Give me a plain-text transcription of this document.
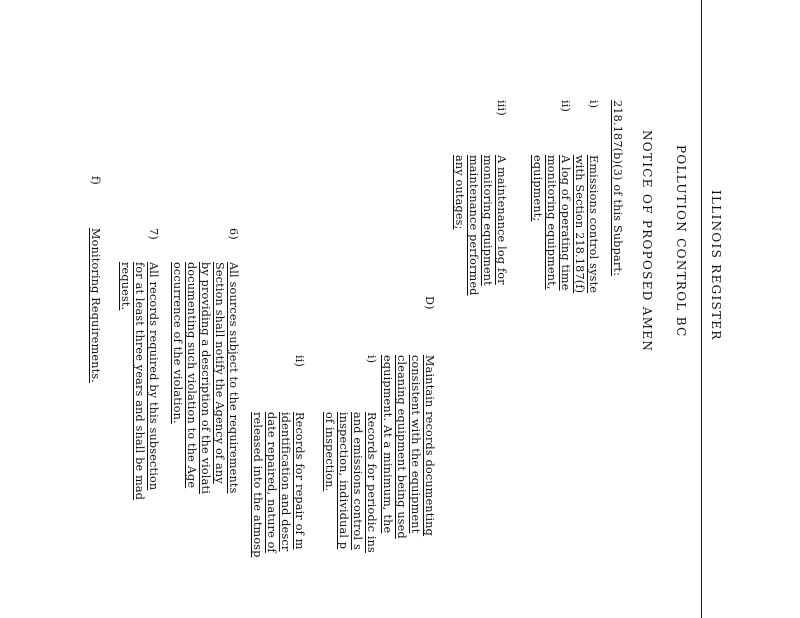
ILLINOIS REGISTER
POLLUTION CONTROL BC
NOTICE OF PROPOSED AMEN
218.187(b)(3) of this Subpart:
i)
Emissions control syste
with Section 218.187(f)
ii)
A log of operating time
monitoring equipment,
equipment;
iii)
A maintenance log for
monitoring equipment
maintenance performed
any outages;
D)
Maintain records documenting
consistent with the equipment
cleaning equipment being used
equipment. At a minimum, the
i)
Records for periodic ins
and emissions control s
inspection, individual p
of inspection.
ii)
Records for repair of m
identification and descr
date repaired, nature of
released into the atmosp
6)
All sources subject to the requirements
Section shall notify the Agency of any
by providing a description of the violati
documenting such violation to the Age
occurrence of the violation.
7)
All records required by this subsection
for at least three years and shall be mad
request.
f)
Monitoring Requirements.
